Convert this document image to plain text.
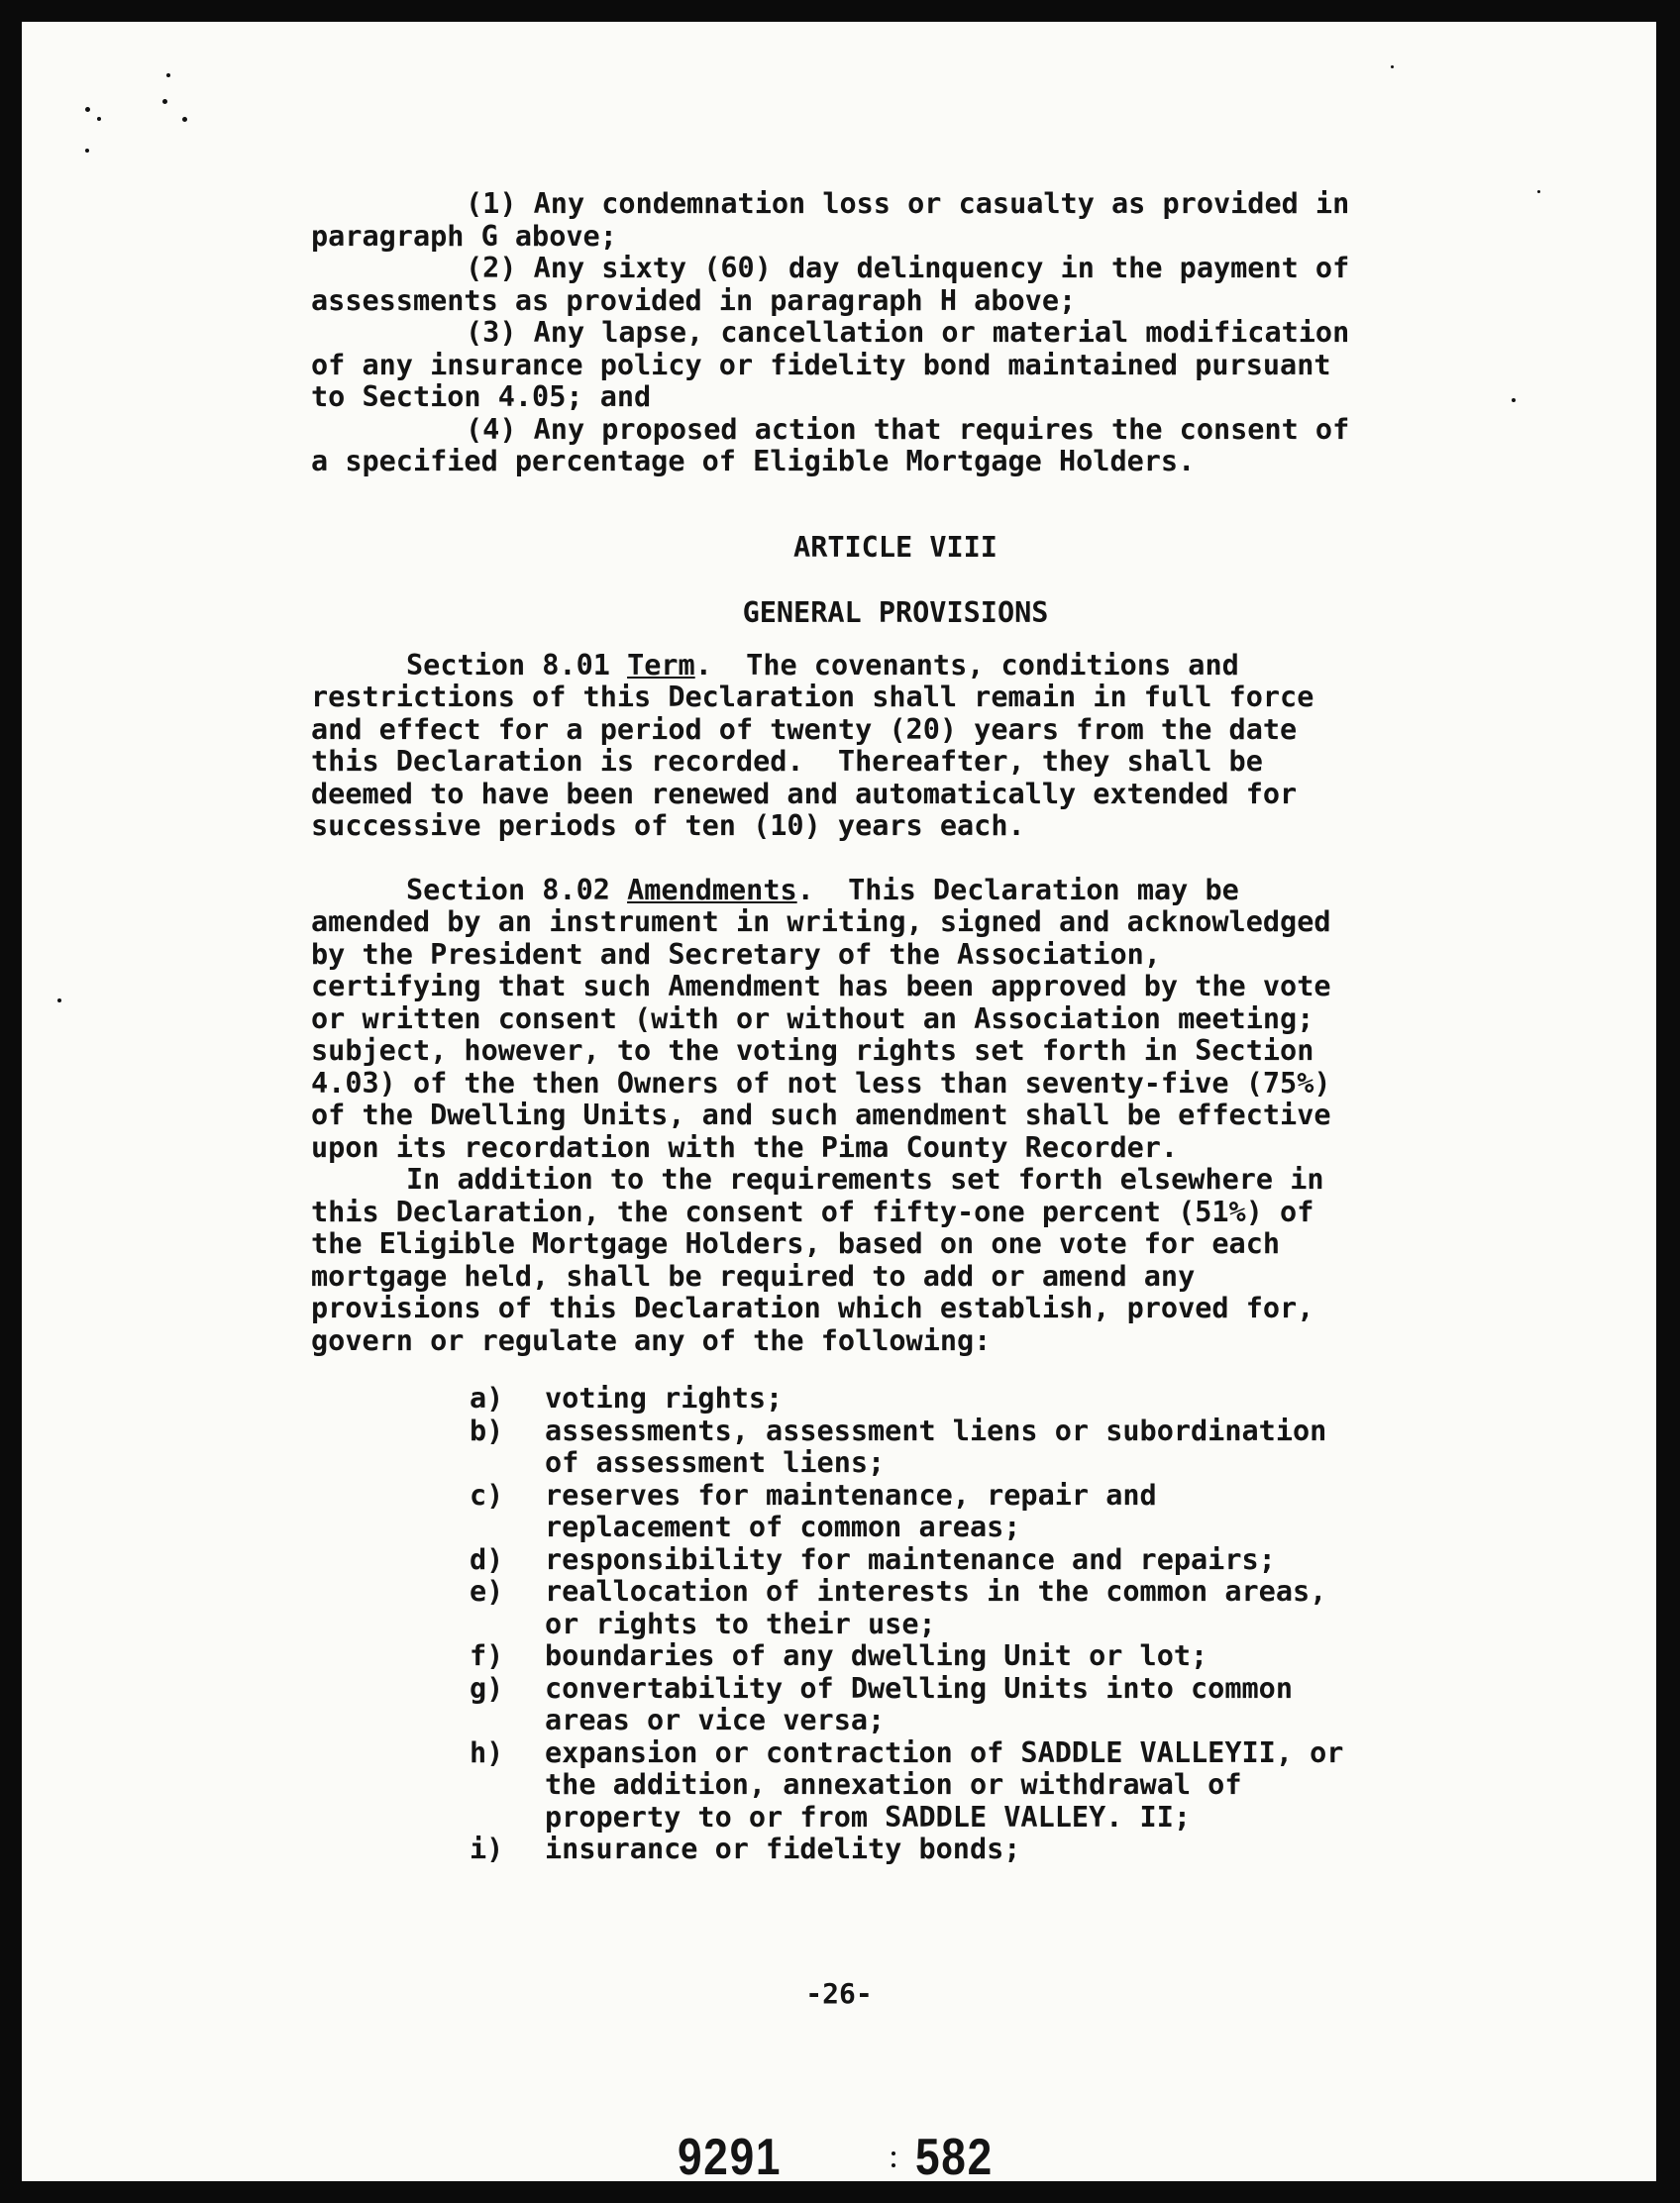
(1) Any condemnation loss or casualty as provided in
paragraph G above;
(2) Any sixty (60) day delinquency in the payment of
assessments as provided in paragraph H above;
(3) Any lapse, cancellation or material modification
of any insurance policy or fidelity bond maintained pursuant
to Section 4.05; and
(4) Any proposed action that requires the consent of
a specified percentage of Eligible Mortgage Holders.
ARTICLE VIII
GENERAL PROVISIONS
Section 8.01 Term.  The covenants, conditions and
restrictions of this Declaration shall remain in full force
and effect for a period of twenty (20) years from the date
this Declaration is recorded.  Thereafter, they shall be
deemed to have been renewed and automatically extended for
successive periods of ten (10) years each.
Section 8.02 Amendments.  This Declaration may be
amended by an instrument in writing, signed and acknowledged
by the President and Secretary of the Association,
certifying that such Amendment has been approved by the vote
or written consent (with or without an Association meeting;
subject, however, to the voting rights set forth in Section
4.03) of the then Owners of not less than seventy-five (75%)
of the Dwelling Units, and such amendment shall be effective
upon its recordation with the Pima County Recorder.
In addition to the requirements set forth elsewhere in
this Declaration, the consent of fifty-one percent (51%) of
the Eligible Mortgage Holders, based on one vote for each
mortgage held, shall be required to add or amend any
provisions of this Declaration which establish, proved for,
govern or regulate any of the following:
a)	voting rights;
b)	assessments, assessment liens or subordination
of assessment liens;
c)	reserves for maintenance, repair and
replacement of common areas;
d)	responsibility for maintenance and repairs;
e)	reallocation of interests in the common areas,
or rights to their use;
f)	boundaries of any dwelling Unit or lot;
g)	convertability of Dwelling Units into common
areas or vice versa;
h)	expansion or contraction of SADDLE VALLEYII, or
the addition, annexation or withdrawal of
property to or from SADDLE VALLEY. II;
i)	insurance or fidelity bonds;
-26-
9291	582
